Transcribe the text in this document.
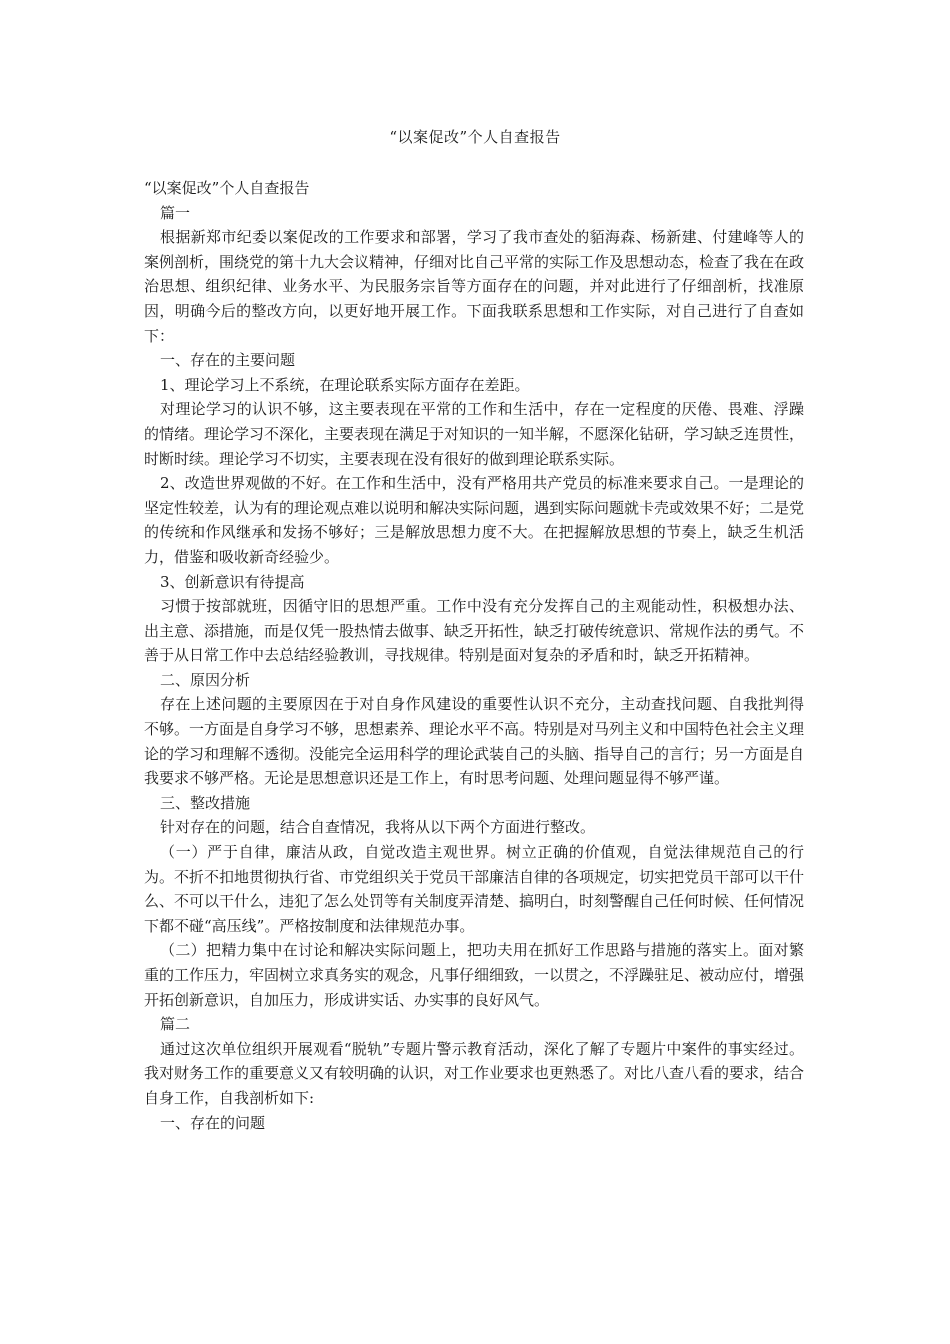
“以案促改”个人自查报告

“以案促改”个人自查报告

篇一

根据新郑市纪委以案促改的工作要求和部署，学习了我市查处的貊海森、杨新建、付建峰等人的案例剖析，围绕党的第十九大会议精神，仔细对比自己平常的实际工作及思想动态，检查了我在在政治思想、组织纪律、业务水平、为民服务宗旨等方面存在的问题，并对此进行了仔细剖析，找准原因，明确今后的整改方向，以更好地开展工作。下面我联系思想和工作实际，对自己进行了自查如下：

一、存在的主要问题

1、理论学习上不系统，在理论联系实际方面存在差距。

对理论学习的认识不够，这主要表现在平常的工作和生活中，存在一定程度的厌倦、畏难、浮躁的情绪。理论学习不深化，主要表现在满足于对知识的一知半解，不愿深化钻研，学习缺乏连贯性，时断时续。理论学习不切实，主要表现在没有很好的做到理论联系实际。

2、改造世界观做的不好。在工作和生活中，没有严格用共产党员的标准来要求自己。一是理论的坚定性较差，认为有的理论观点难以说明和解决实际问题，遇到实际问题就卡壳或效果不好；二是党的传统和作风继承和发扬不够好；三是解放思想力度不大。在把握解放思想的节奏上，缺乏生机活力，借鉴和吸收新奇经验少。

3、创新意识有待提高

习惯于按部就班，因循守旧的思想严重。工作中没有充分发挥自己的主观能动性，积极想办法、出主意、添措施，而是仅凭一股热情去做事、缺乏开拓性，缺乏打破传统意识、常规作法的勇气。不善于从日常工作中去总结经验教训，寻找规律。特别是面对复杂的矛盾和时，缺乏开拓精神。

二、原因分析

存在上述问题的主要原因在于对自身作风建设的重要性认识不充分，主动查找问题、自我批判得不够。一方面是自身学习不够，思想素养、理论水平不高。特别是对马列主义和中国特色社会主义理论的学习和理解不透彻。没能完全运用科学的理论武装自己的头脑、指导自己的言行；另一方面是自我要求不够严格。无论是思想意识还是工作上，有时思考问题、处理问题显得不够严谨。

三、整改措施

针对存在的问题，结合自查情况，我将从以下两个方面进行整改。

（一）严于自律，廉洁从政，自觉改造主观世界。树立正确的价值观，自觉法律规范自己的行为。不折不扣地贯彻执行省、市党组织关于党员干部廉洁自律的各项规定，切实把党员干部可以干什么、不可以干什么，违犯了怎么处罚等有关制度弄清楚、搞明白，时刻警醒自己任何时候、任何情况下都不碰“高压线”。严格按制度和法律规范办事。

（二）把精力集中在讨论和解决实际问题上，把功夫用在抓好工作思路与措施的落实上。面对繁重的工作压力，牢固树立求真务实的观念，凡事仔细细致，一以贯之，不浮躁驻足、被动应付，增强开拓创新意识，自加压力，形成讲实话、办实事的良好风气。

篇二

通过这次单位组织开展观看“脱轨”专题片警示教育活动，深化了解了专题片中案件的事实经过。我对财务工作的重要意义又有较明确的认识，对工作业要求也更熟悉了。对比八查八看的要求，结合自身工作，自我剖析如下:

一、存在的问题
